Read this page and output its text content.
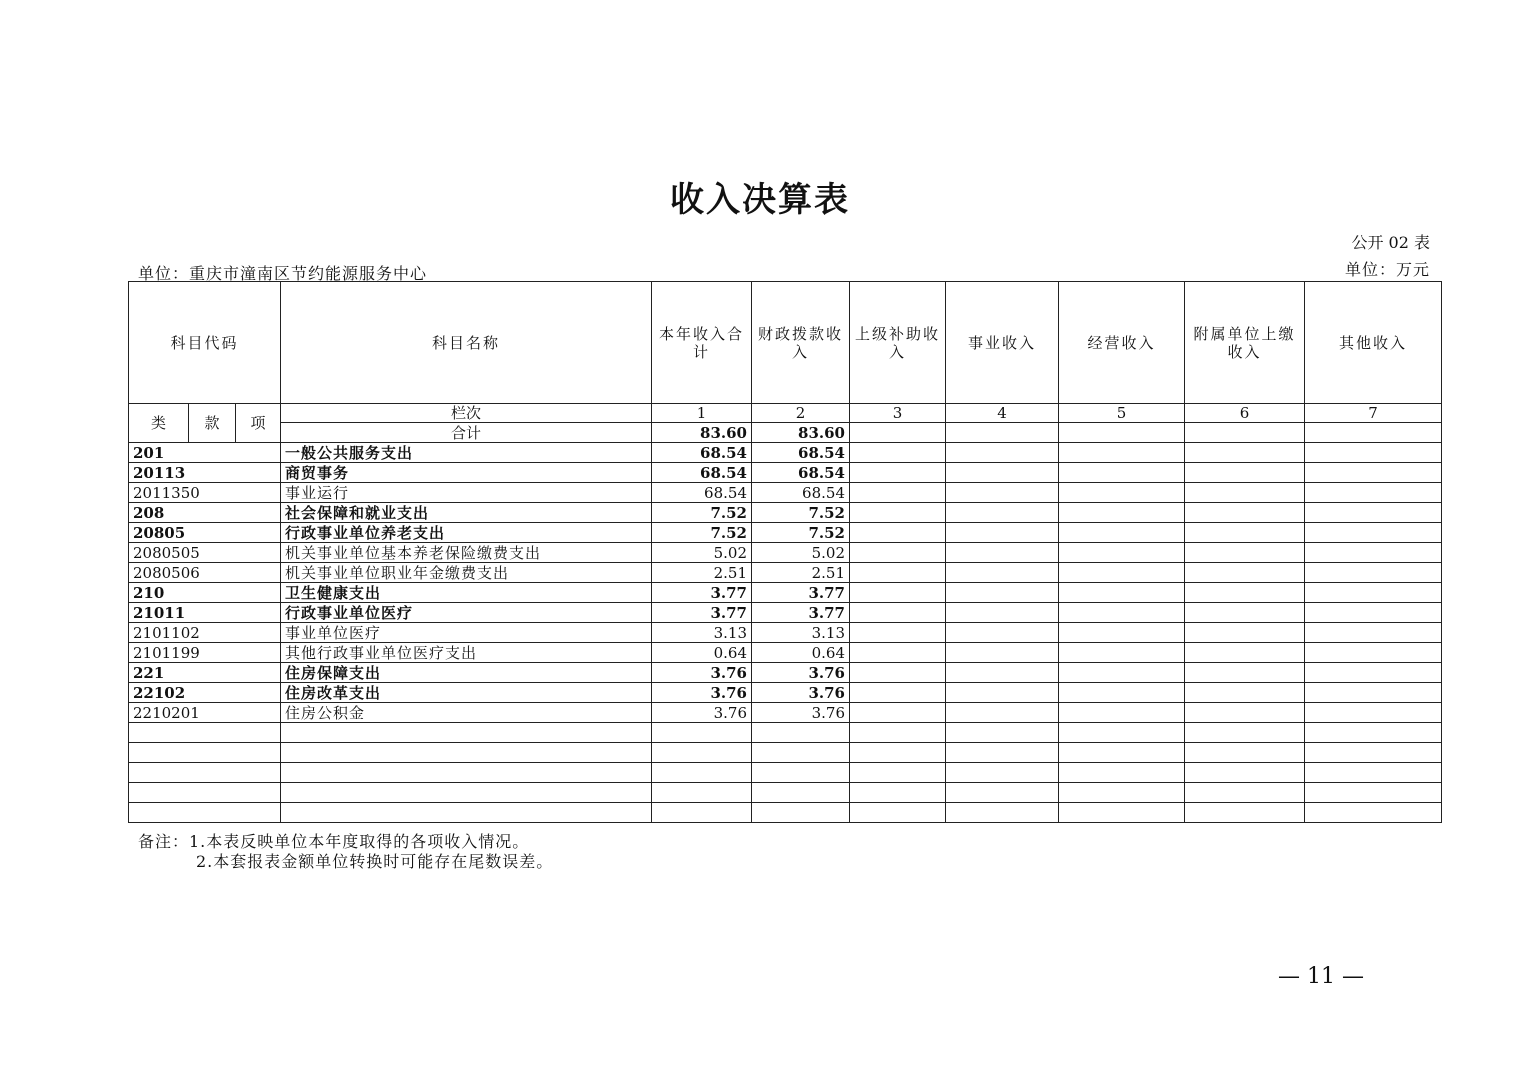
收入决算表
公开 02 表
单位：重庆市潼南区节约能源服务中心	单位：万元
科目代码			科目名称	本年收入合计	财政拨款收入	上级补助收入	事业收入	经营收入	附属单位上缴收入	其他收入
类	款	项	栏次	1	2	3	4	5	6	7
			合计	83.60	83.60					
201			一般公共服务支出	68.54	68.54					
20113			商贸事务	68.54	68.54					
2011350			事业运行	68.54	68.54					
208			社会保障和就业支出	7.52	7.52					
20805			行政事业单位养老支出	7.52	7.52					
2080505			机关事业单位基本养老保险缴费支出	5.02	5.02					
2080506			机关事业单位职业年金缴费支出	2.51	2.51					
210			卫生健康支出	3.77	3.77					
21011			行政事业单位医疗	3.77	3.77					
2101102			事业单位医疗	3.13	3.13					
2101199			其他行政事业单位医疗支出	0.64	0.64					
221			住房保障支出	3.76	3.76					
22102			住房改革支出	3.76	3.76					
2210201			住房公积金	3.76	3.76					

备注：1.本表反映单位本年度取得的各项收入情况。
2.本套报表金额单位转换时可能存在尾数误差。
— 11 —
